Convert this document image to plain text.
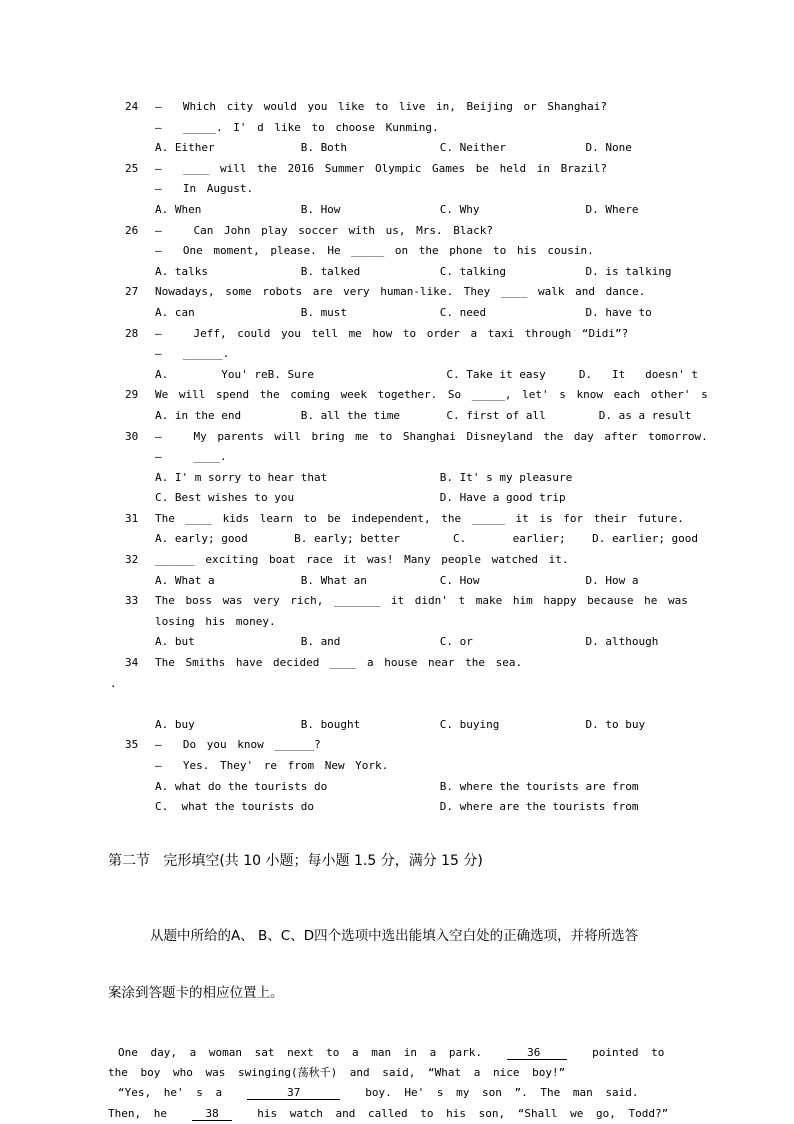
24 —  Which city would you like to live in, Beijing or Shanghai?
—  _____. I' d like to choose Kunming.
A. Either             B. Both              C. Neither            D. None
25 —  ____ will the 2016 Summer Olympic Games be held in Brazil?
—  In August.
A. When               B. How               C. Why                D. Where
26 —   Can John play soccer with us, Mrs. Black?
—  One moment, please. He _____ on the phone to his cousin.
A. talks              B. talked            C. talking            D. is talking
27 Nowadays, some robots are very human-like. They ____ walk and dance.
A. can                B. must              C. need               D. have to
28 —   Jeff, could you tell me how to order a taxi through “Didi”?
—  ______.
A.        You' reB. Sure                    C. Take it easy     D.   It   doesn' t
29 We will spend the coming week together. So _____, let' s know each other' s
A. in the end         B. all the time       C. first of all        D. as a result
30 —   My parents will bring me to Shanghai Disneyland the day after tomorrow.
—   ____.
A. I' m sorry to hear that                 B. It' s my pleasure
C. Best wishes to you                      D. Have a good trip
31 The ____ kids learn to be independent, the _____ it is for their future.
A. early; good       B. early; better        C.       earlier;    D. earlier; good
32 ______ exciting boat race it was! Many people watched it.
A. What a             B. What an           C. How                D. How a
33 The boss was very rich, _______ it didn' t make him happy because he was
losing his money.
A. but                B. and               C. or                 D. although
34 The Smiths have decided ____ a house near the sea.
.
A. buy                B. bought            C. buying             D. to buy
35 —  Do you know ______?
—  Yes. They' re from New York.
A. what do the tourists do                 B. where the tourists are from
C.  what the tourists do                   D. where are the tourists from
第二节   完形填空(共 10 小题；每小题 1.5 分，满分 15 分)

从题中所给的A、 B、C、D四个选项中选出能填入空白处的正确选项，并将所选答

案涂到答题卡的相应位置上。

One day, a woman sat next to a man in a park.     36      pointed to
the boy who was swinging(荡秋千) and said, “What a nice boy!”
“Yes, he' s a        37        boy. He' s my son ”. The man said.
Then, he    38    his watch and called to his son, “Shall we go, Todd?”
